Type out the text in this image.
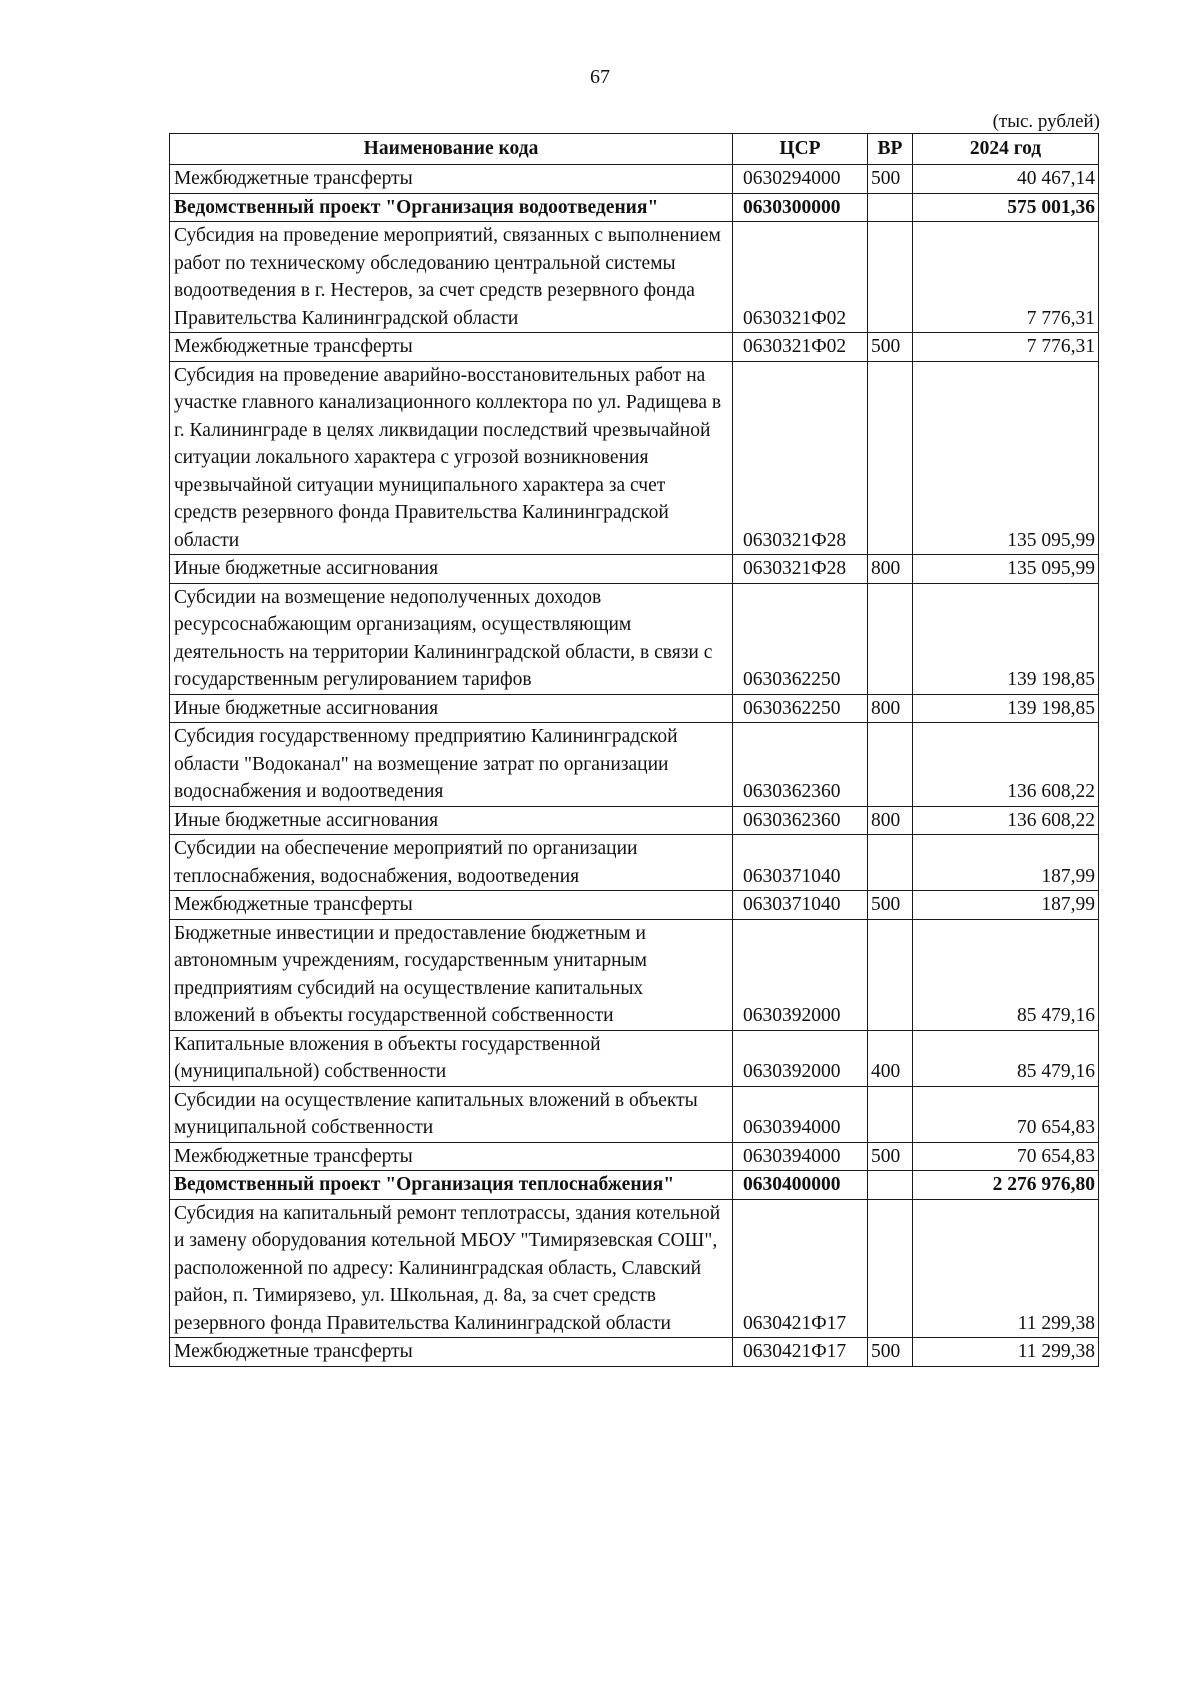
67
(тыс. рублей)
Наименование кода	ЦСР	ВР	2024 год
Межбюджетные трансферты	0630294000	500	40 467,14
Ведомственный проект "Организация водоотведения"	0630300000		575 001,36
Субсидия на проведение мероприятий, связанных с выполнением работ по техническому обследованию центральной системы водоотведения в г. Нестеров, за счет средств резервного фонда Правительства Калининградской области	0630321Ф02		7 776,31
Межбюджетные трансферты	0630321Ф02	500	7 776,31
Субсидия на проведение аварийно-восстановительных работ на участке главного канализационного коллектора по ул. Радищева в г. Калининграде в целях ликвидации последствий чрезвычайной ситуации локального характера с угрозой возникновения чрезвычайной ситуации муниципального характера за счет средств резервного фонда Правительства Калининградской области	0630321Ф28		135 095,99
Иные бюджетные ассигнования	0630321Ф28	800	135 095,99
Субсидии на возмещение недополученных доходов ресурсоснабжающим организациям, осуществляющим деятельность на территории Калининградской области, в связи с государственным регулированием тарифов	0630362250		139 198,85
Иные бюджетные ассигнования	0630362250	800	139 198,85
Субсидия государственному предприятию Калининградской области "Водоканал" на возмещение затрат по организации водоснабжения и водоотведения	0630362360		136 608,22
Иные бюджетные ассигнования	0630362360	800	136 608,22
Субсидии на обеспечение мероприятий по организации теплоснабжения, водоснабжения, водоотведения	0630371040		187,99
Межбюджетные трансферты	0630371040	500	187,99
Бюджетные инвестиции и предоставление бюджетным и автономным учреждениям, государственным унитарным предприятиям субсидий на осуществление капитальных вложений в объекты государственной собственности	0630392000		85 479,16
Капитальные вложения в объекты государственной (муниципальной) собственности	0630392000	400	85 479,16
Субсидии на осуществление капитальных вложений в объекты муниципальной собственности	0630394000		70 654,83
Межбюджетные трансферты	0630394000	500	70 654,83
Ведомственный проект "Организация теплоснабжения"	0630400000		2 276 976,80
Субсидия на капитальный ремонт теплотрассы, здания котельной и замену оборудования котельной МБОУ "Тимирязевская СОШ", расположенной по адресу: Калининградская область, Славский район, п. Тимирязево, ул. Школьная, д. 8а, за счет средств резервного фонда Правительства Калининградской области	0630421Ф17		11 299,38
Межбюджетные трансферты	0630421Ф17	500	11 299,38
